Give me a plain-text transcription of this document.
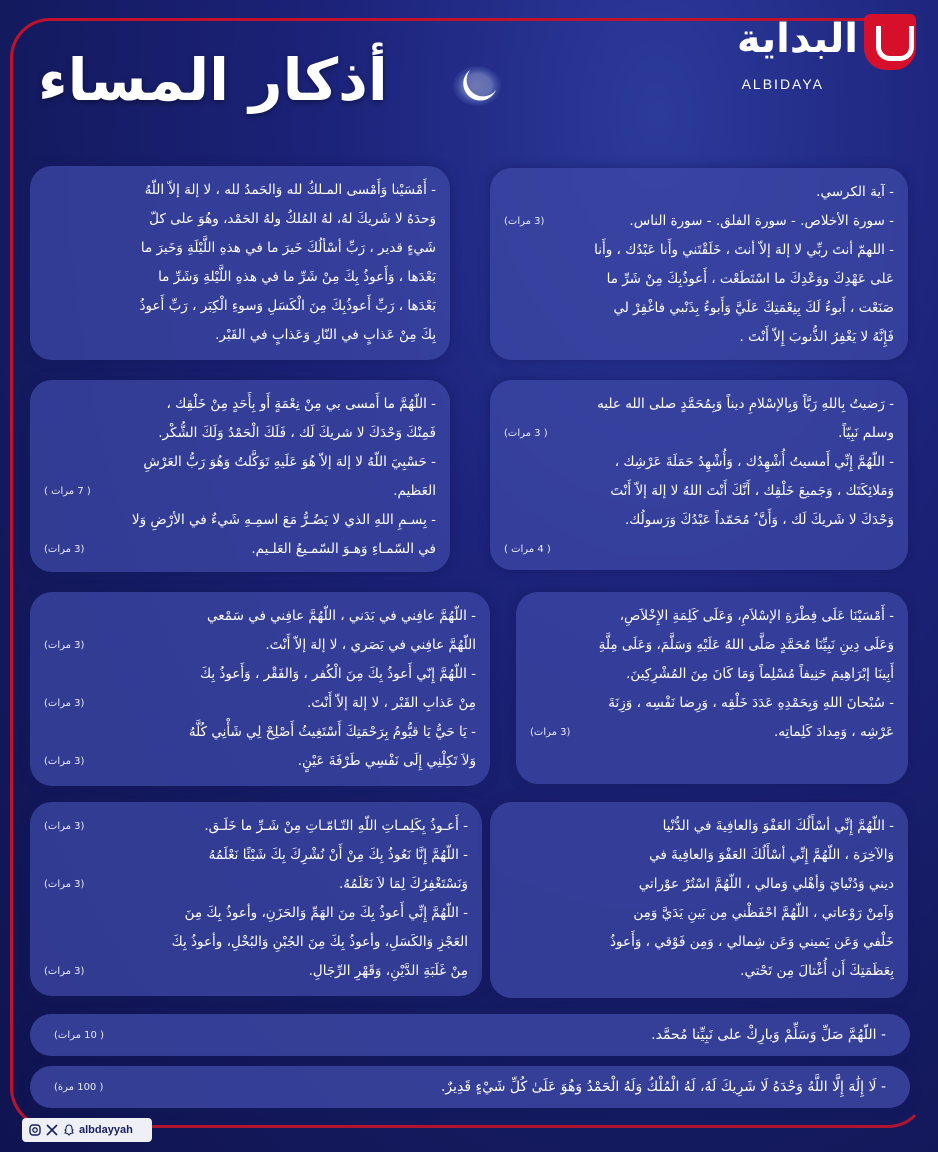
أذكار المساء
البداية
ALBIDAYA
- آية الكرسي.
- سورة الأخلاص. - سورة الفلق. - سورة الناس.
(3 مرات)
- اللهمّ أنتَ ربِّي لا إلهَ إلاّ أنتَ ، خَلَقْتَني وأَنا عَبْدُك ، وأَنا
عَلى عَهْدِكَ ووَعْدِكَ ما اسْتَطَعْت ، أَعوذُبِكَ مِنْ شَرِّ ما
صَنَعْت ، أَبوءُ لَكَ بِنِعْمَتِكَ عَلَيَّ وَأَبوءُ بِذَنْبي فاغْفِرْ لي
فَإِنَّهُ لا يَغْفِرُ الذُّنوبَ إِلاّ أَنْتَ .
- أَمْسَيْنا وَأَمْسى المـلكُ لله وَالحَمدُ لله ، لا إلهَ إلاّ اللّهُ
وَحدَهُ لا شَريكَ لهُ، لهُ المُلكُ ولهُ الحَمْد، وهُوَ على كلّ
شَيءٍ قدير ، رَبِّ أسْألُكَ خَيرَ ما في هذهِ اللَّيْلَةِ وَخَيرَ ما
بَعْدَها ، وَأَعوذُ بِكَ مِنْ شَرِّ ما في هذهِ اللَّيْلةِ وَشَرِّ ما
بَعْدَها ، رَبِّ أَعوذُبِكَ مِنَ الْكَسَلِ وَسوءِ الْكِبَر ، رَبِّ أَعوذُ
بِكَ مِنْ عَذابٍ في النّارِ وَعَذابٍ في القَبْر.
- رَضيتُ بِاللهِ رَبَّاً وَبِالإسْلامِ ديناً وَبِمُحَمَّدٍ صلى الله عليه
وسلم نَبِيّاً.
( 3 مرات)
- اللّهُمَّ إِنِّي أَمسيتُ أُشْهِدُك ، وَأُشْهِدُ حَمَلَةَ عَرْشِك ،
وَمَلائِكَتَك ، وَجَميعَ خَلْقِك ، أَنَّكَ أَنْتَ اللهُ لا إلهَ إلاّ أَنْتَ
وَحْدَكَ لا شَريكَ لَك ، وَأَنَّ ُ مُحَمّداً عَبْدُكَ وَرَسولُك.
( 4 مرات )
- اللّهُمَّ ما أَمسى بي مِنْ نِعْمَةٍ أَو بِأَحَدٍ مِنْ خَلْقِك ،
فَمِنْكَ وَحْدَكَ لا شريكَ لَك ، فَلَكَ الْحَمْدُ وَلَكَ الشُّكْر.
- حَسْبِيَ اللّهُ لا إلهَ إلاّ هُوَ عَلَيهِ تَوَكَّلتُ وَهُوَ رَبُّ العَرْشِ
العَظيم.
( 7 مرات )
- بِسـمِ اللهِ الذي لا يَضُـرُّ مَعَ اسمِـهِ شَيءٌ في الأرْضِ وَلا
في السّمـاءِ وَهـوَ السّمـيعُ العَلـيم.
(3 مرات)
- أَمْسَيْنَا عَلَى فِطْرَةِ الإسْلاَمِ، وَعَلَى كَلِمَةِ الإِخْلاَصِ،
وَعَلَى دِينِ نَبِيِّنَا مُحَمَّدٍ صَلَّى اللهُ عَلَيْهِ وَسَلَّمَ، وَعَلَى مِلَّةِ
أَبِينَا إبْرَاهِيمَ حَنِيفاً مُسْلِماً وَمَا كَانَ مِنَ المُشْرِكِينَ.
- سُبْحانَ اللهِ وَبِحَمْدِهِ عَدَدَ خَلْقِه ، وَرِضا نَفْسِه ، وَزِنَةَ
عَرْشِه ، وَمِدادَ كَلِماتِه.
(3 مرات)
- اللّهُمَّ عافِني في بَدَني ، اللّهُمَّ عافِني في سَمْعي
اللّهُمَّ عافِني في بَصَري ، لا إلهَ إلاّ أَنْتَ.
(3 مرات)
- اللّهُمَّ إِنّي أَعوذُ بِكَ مِنَ الْكُفر ، وَالفَقْر ، وَأَعوذُ بِكَ
مِنْ عَذابِ القَبْر ، لا إلهَ إلاّ أَنْتَ.
(3 مرات)
- يَا حَيُّ يَا قيُّومُ بِرَحْمَتِكَ أَسْتَغِيثُ أَصْلِحْ لِي شَأْنِي كُلَّهُ
وَلاَ تَكِلْنِي إِلَى نَفْسِي طَرْفَةَ عَيْنٍ.
(3 مرات)
- اللّهُمَّ إِنِّي أسْأَلُكَ العَفْوَ وَالعافِيةَ في الدُّنْيا
وَالآخِرَة ، اللّهُمَّ إِنِّي أسْأَلُكَ العَفْوَ وَالعافِيةَ في
ديني وَدُنْيايَ وَأهْلي وَمالي ، اللّهُمَّ اسْتُرْ عوْراتي
وَآمِنْ رَوْعاتي ، اللّهُمَّ احْفَظْني مِن بَينِ يَدَيَّ وَمِن
خَلْفي وَعَن يَميني وَعَن شِمالي ، وَمِن فَوْقي ، وَأَعوذُ
بِعَظَمَتِكَ أَن أُغْتالَ مِن تَحْتي.
- أَعـوذُ بِكَلِمـاتِ اللّهِ التّـامّـاتِ مِنْ شَـرِّ ما خَلَـق.
(3 مرات)
- اللّهُمَّ إِنَّا نَعُوذُ بِكَ مِنْ أَنْ نُشْرِكَ بِكَ شَيْئًا نَعْلَمُهُ
وَنَسْتَغْفِرُكَ لِمَا لاَ نَعْلَمُهُ.
(3 مرات)
- اللّهُمَّ إِنِّي أَعوذُ بِكَ مِنَ الهَمِّ وَالحَزَنِ، وأعوذُ بِكَ مِنَ
العَجْزِ وَالكَسَلِ، وأعوذُ بِكَ مِنَ الجُبْنِ وَالبُخْلِ، وأعوذُ بِكَ
مِنْ غَلَبَةِ الدَّيْنِ، وَقَهْرِ الرِّجَالِ.
(3 مرات)
- اللّهُمَّ صَلِّ وَسَلِّمْ وَبارِكْ على نَبِيِّنا مُحمَّد.
( 10 مرات)
- لَا إِلَٰهَ إِلَّا اللَّهُ وَحْدَهُ لَا شَرِيكَ لَهُ، لَهُ الْمُلْكُ وَلَهُ الْحَمْدُ وَهُوَ عَلَىٰ كُلِّ شَيْءٍ قَدِيرٌ.
( 100 مرة)
albdayyah
